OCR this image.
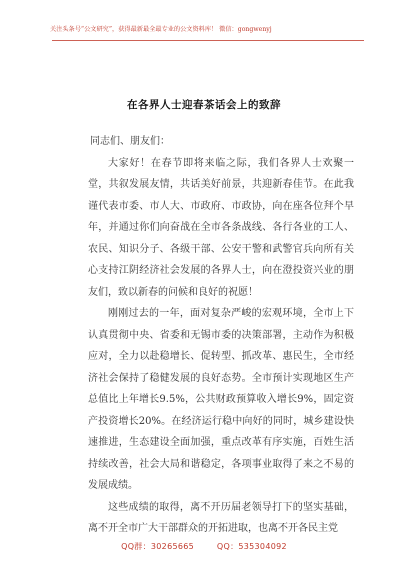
关注头条号“公文研究”，获得最新最全最专业的公文资料库！ 微信：gongwenyj
在各界人士迎春茶话会上的致辞

同志们、朋友们：

大家好！在春节即将来临之际，我们各界人士欢聚一堂，共叙发展友情，共话美好前景，共迎新春佳节。在此我谨代表市委、市人大、市政府、市政协，向在座各位拜个早年，并通过你们向奋战在全市各条战线、各行各业的工人、农民、知识分子、各级干部、公安干警和武警官兵向所有关心支持江阴经济社会发展的各界人士，向在澄投资兴业的朋友们，致以新春的问候和良好的祝愿！

刚刚过去的一年，面对复杂严峻的宏观环境，全市上下认真贯彻中央、省委和无锡市委的决策部署，主动作为积极应对，全力以赴稳增长、促转型、抓改革、惠民生，全市经济社会保持了稳健发展的良好态势。全市预计实现地区生产总值比上年增长9.5%，公共财政预算收入增长9%，固定资产投资增长20%。在经济运行稳中向好的同时，城乡建设快速推进，生态建设全面加强，重点改革有序实施，百姓生活持续改善，社会大局和谐稳定，各项事业取得了来之不易的发展成绩。

这些成绩的取得，离不开历届老领导打下的坚实基础，离不开全市广大干部群众的开拓进取，也离不开各民主党

QQ群：30265665	QQ：535304092
